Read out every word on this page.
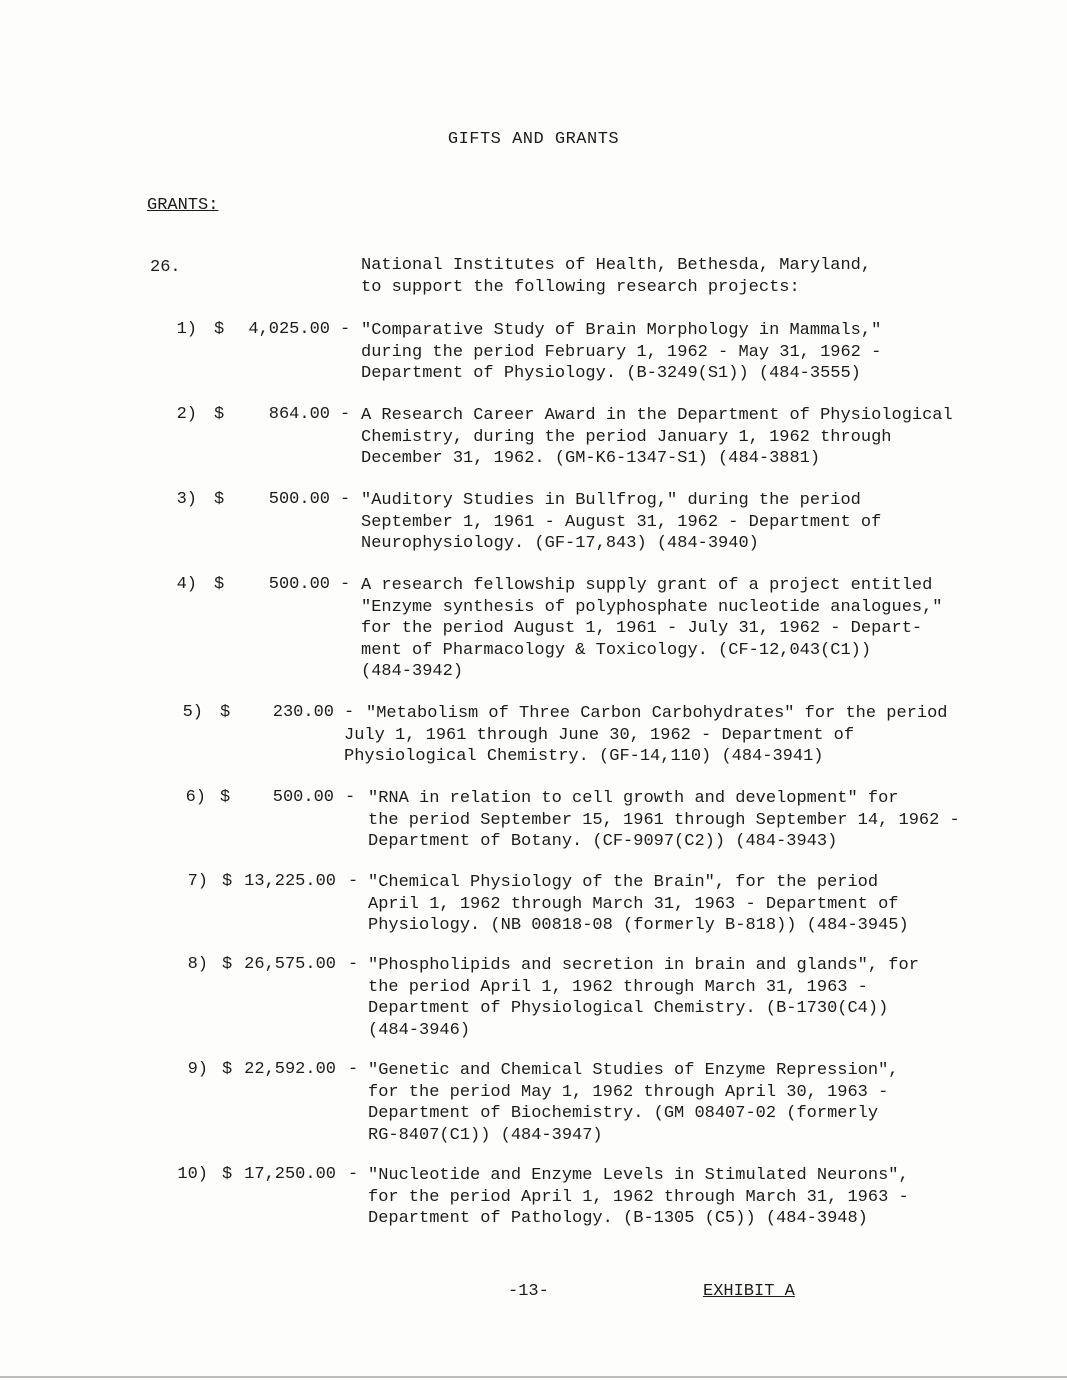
GIFTS AND GRANTS
GRANTS:
26.	National Institutes of Health, Bethesda, Maryland,
to support the following research projects:
1) $	4,025.00 - "Comparative Study of Brain Morphology in Mammals,"
during the period February 1, 1962 - May 31, 1962 -
Department of Physiology. (B-3249(S1)) (484-3555)
2) $	864.00 - A Research Career Award in the Department of Physiological
Chemistry, during the period January 1, 1962 through
December 31, 1962. (GM-K6-1347-S1) (484-3881)
3) $	500.00 - "Auditory Studies in Bullfrog," during the period
September 1, 1961 - August 31, 1962 - Department of
Neurophysiology. (GF-17,843) (484-3940)
4) $	500.00 - A research fellowship supply grant of a project entitled
"Enzyme synthesis of polyphosphate nucleotide analogues,"
for the period August 1, 1961 - July 31, 1962 - Depart-
ment of Pharmacology & Toxicology. (CF-12,043(C1))
(484-3942)
5) $	230.00 - "Metabolism of Three Carbon Carbohydrates" for the period
July 1, 1961 through June 30, 1962 - Department of
Physiological Chemistry. (GF-14,110) (484-3941)
6) $	500.00 - "RNA in relation to cell growth and development" for
the period September 15, 1961 through September 14, 1962 -
Department of Botany. (CF-9097(C2)) (484-3943)
7) $ 13,225.00 - "Chemical Physiology of the Brain", for the period
April 1, 1962 through March 31, 1963 - Department of
Physiology. (NB 00818-08 (formerly B-818)) (484-3945)
8) $ 26,575.00 - "Phospholipids and secretion in brain and glands", for
the period April 1, 1962 through March 31, 1963 -
Department of Physiological Chemistry. (B-1730(C4))
(484-3946)
9) $ 22,592.00 - "Genetic and Chemical Studies of Enzyme Repression",
for the period May 1, 1962 through April 30, 1963 -
Department of Biochemistry. (GM 08407-02 (formerly
RG-8407(C1)) (484-3947)
10) $ 17,250.00 - "Nucleotide and Enzyme Levels in Stimulated Neurons",
for the period April 1, 1962 through March 31, 1963 -
Department of Pathology. (B-1305 (C5)) (484-3948)
-13-	EXHIBIT A
